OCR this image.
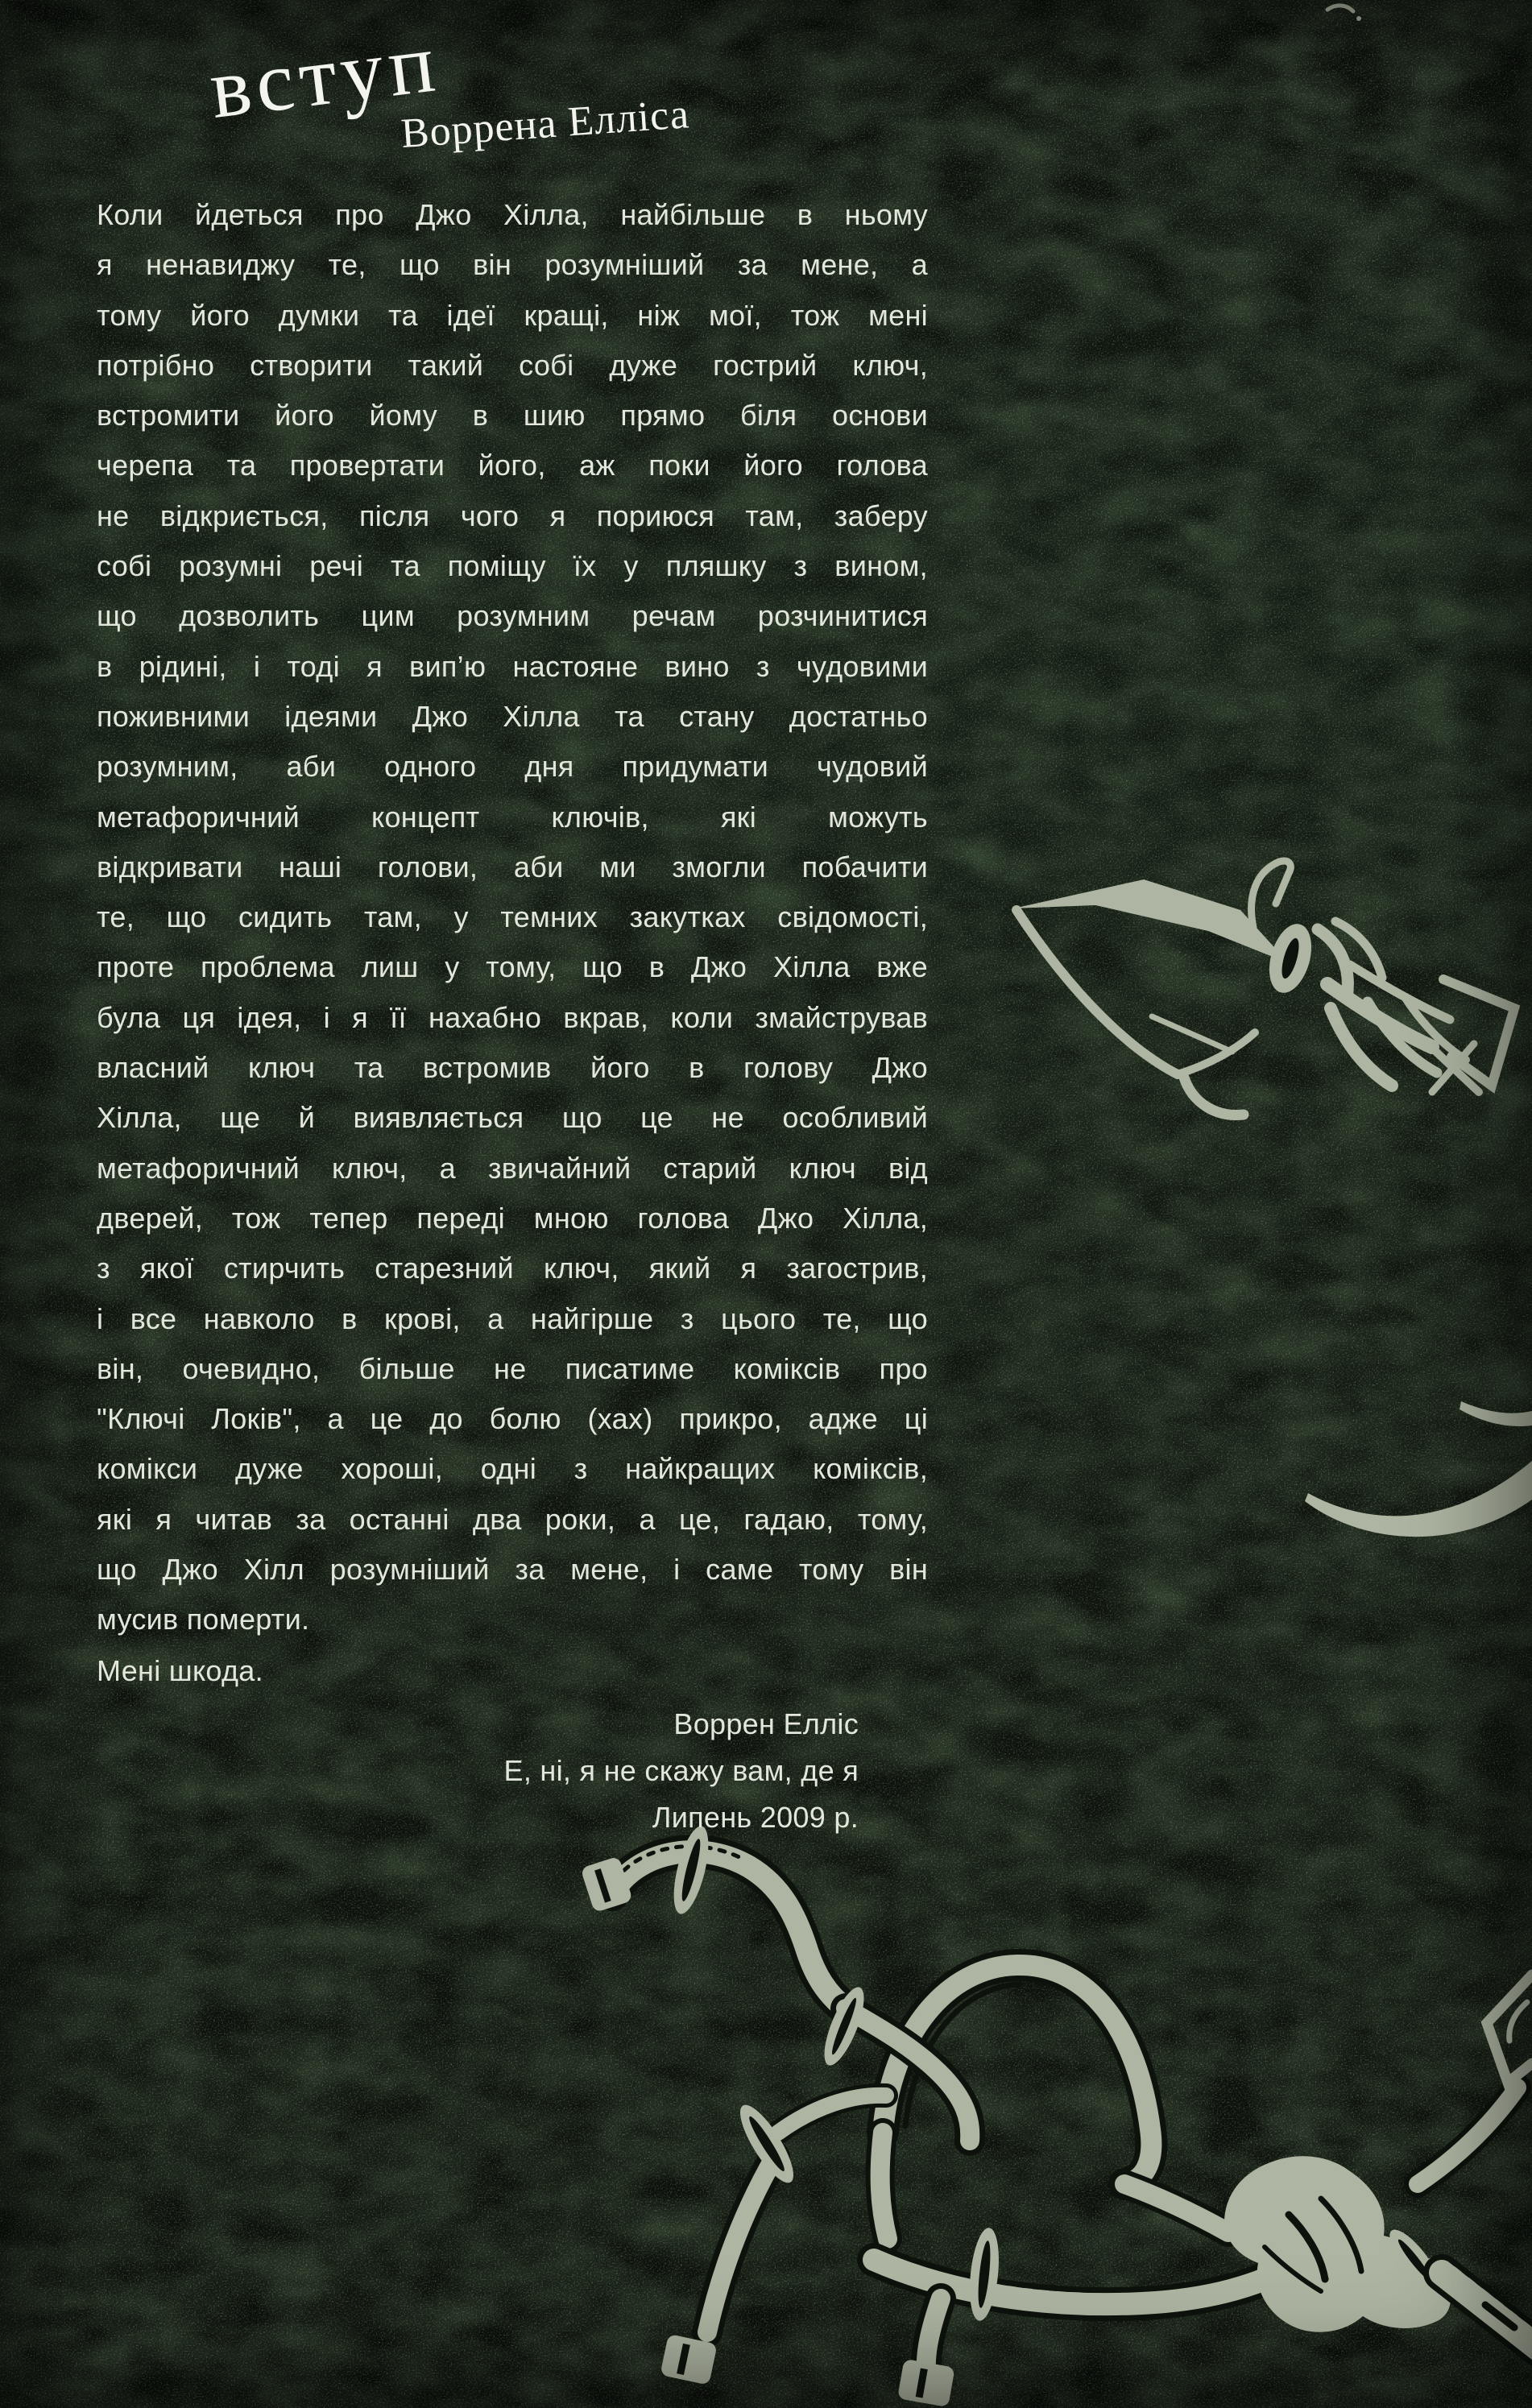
вступ
Воррена Елліса
Коли йдеться про Джо Хілла, найбільше в ньому
я ненавиджу те, що він розумніший за мене, а
тому його думки та ідеї кращі, ніж мої, тож мені
потрібно створити такий собі дуже гострий ключ,
встромити його йому в шию прямо біля основи
черепа та провертати його, аж поки його голова
не відкриється, після чого я пориюся там, заберу
собі розумні речі та поміщу їх у пляшку з вином,
що дозволить цим розумним речам розчинитися
в рідині, і тоді я вип’ю настояне вино з чудовими
поживними ідеями Джо Хілла та стану достатньо
розумним, аби одного дня придумати чудовий
метафоричний концепт ключів, які можуть
відкривати наші голови, аби ми змогли побачити
те, що сидить там, у темних закутках свідомості,
проте проблема лиш у тому, що в Джо Хілла вже
була ця ідея, і я її нахабно вкрав, коли змайстрував
власний ключ та встромив його в голову Джо
Хілла, ще й виявляється що це не особливий
метафоричний ключ, а звичайний старий ключ від
дверей, тож тепер переді мною голова Джо Хілла,
з якої стирчить старезний ключ, який я загострив,
і все навколо в крові, а найгірше з цього те, що
він, очевидно, більше не писатиме коміксів про
"Ключі Локів", а це до болю (хах) прикро, адже ці
комікси дуже хороші, одні з найкращих коміксів,
які я читав за останні два роки, а це, гадаю, тому,
що Джо Хілл розумніший за мене, і саме тому він
мусив померти.
Мені шкода.
Воррен Елліс
Е, ні, я не скажу вам, де я
Липень 2009 р.
